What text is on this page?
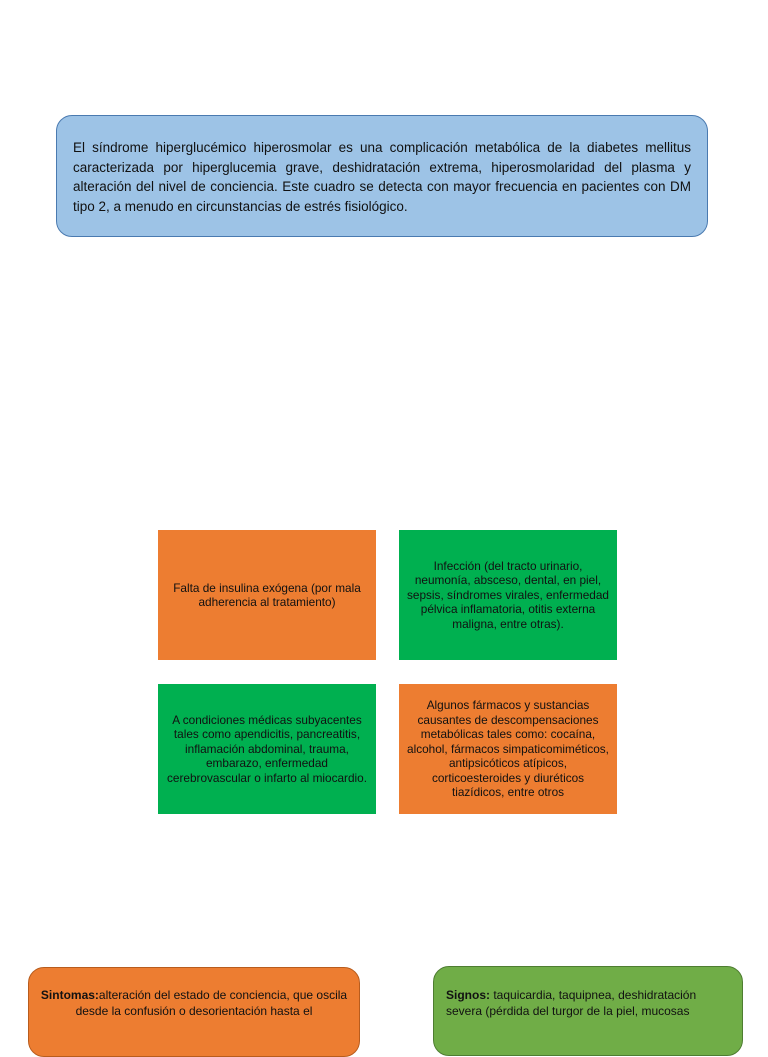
El síndrome hiperglucémico hiperosmolar es una complicación metabólica de la diabetes mellitus caracterizada por hiperglucemia grave, deshidratación extrema, hiperosmolaridad del plasma y alteración del nivel de conciencia. Este cuadro se detecta con mayor frecuencia en pacientes con DM tipo 2, a menudo en circunstancias de estrés fisiológico.
Falta de insulina exógena (por mala adherencia al tratamiento)
Infección (del tracto urinario, neumonía, absceso, dental, en piel, sepsis, síndromes virales, enfermedad pélvica inflamatoria, otitis externa maligna, entre otras).
A condiciones médicas subyacentes tales como apendicitis, pancreatitis, inflamación abdominal, trauma, embarazo, enfermedad cerebrovascular o infarto al miocardio.
Algunos fármacos y sustancias causantes de descompensaciones metabólicas tales como: cocaína, alcohol, fármacos simpaticomiméticos, antipsicóticos atípicos, corticoesteroides y diuréticos tiazídicos, entre otros
Sintomas:alteración del estado de conciencia, que oscila desde la confusión o desorientación hasta el
Signos: taquicardia, taquipnea, deshidratación severa (pérdida del turgor de la piel, mucosas
